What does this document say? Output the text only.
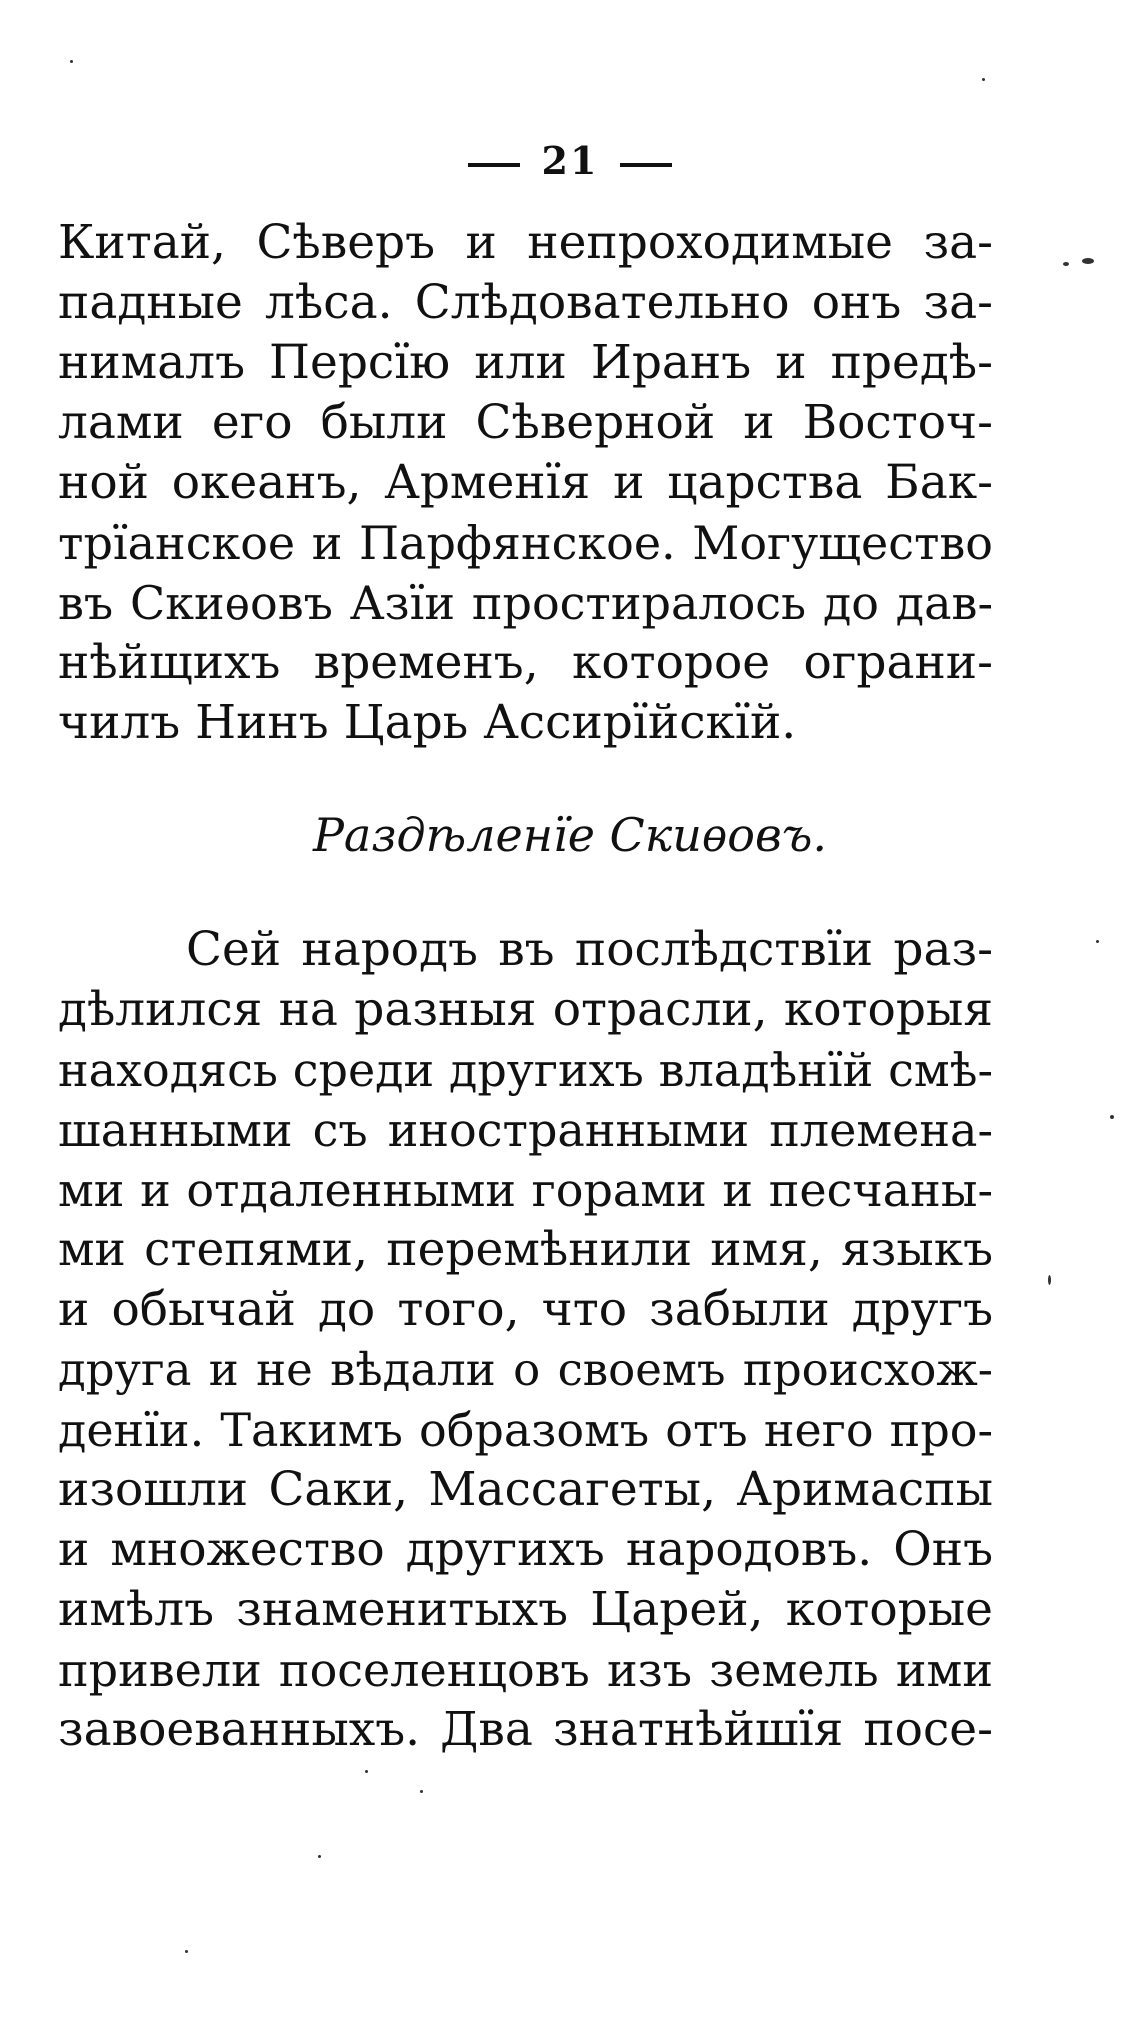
21
Китай, Сѣверъ и непроходимые за-
падные лѣса. Слѣдовательно онъ за-
нималъ Персїю или Иранъ и предѣ-
лами его были Сѣверной и Восточ-
ной океанъ, Арменїя и царства Бак-
трїанское и Парфянское. Могущество
въ Скиѳовъ Азїи простиралось до дав-
нѣйщихъ временъ, которое ограни-
чилъ Нинъ Царь Ассирїйскїй.
Раздѣленїе Скиѳовъ.
Сей народъ въ послѣдствїи раз-
дѣлился на разныя отрасли, которыя
находясь среди другихъ владѣнїй смѣ-
шанными съ иностранными племена-
ми и отдаленными горами и песчаны-
ми степями, перемѣнили имя, языкъ
и обычай до того, что забыли другъ
друга и не вѣдали о своемъ происхож-
денїи. Такимъ образомъ отъ него про-
изошли Саки, Массагеты, Аримаспы
и множество другихъ народовъ. Онъ
имѣлъ знаменитыхъ Царей, которые
привели поселенцовъ изъ земель ими
завоеванныхъ. Два знатнѣйшїя посе-
